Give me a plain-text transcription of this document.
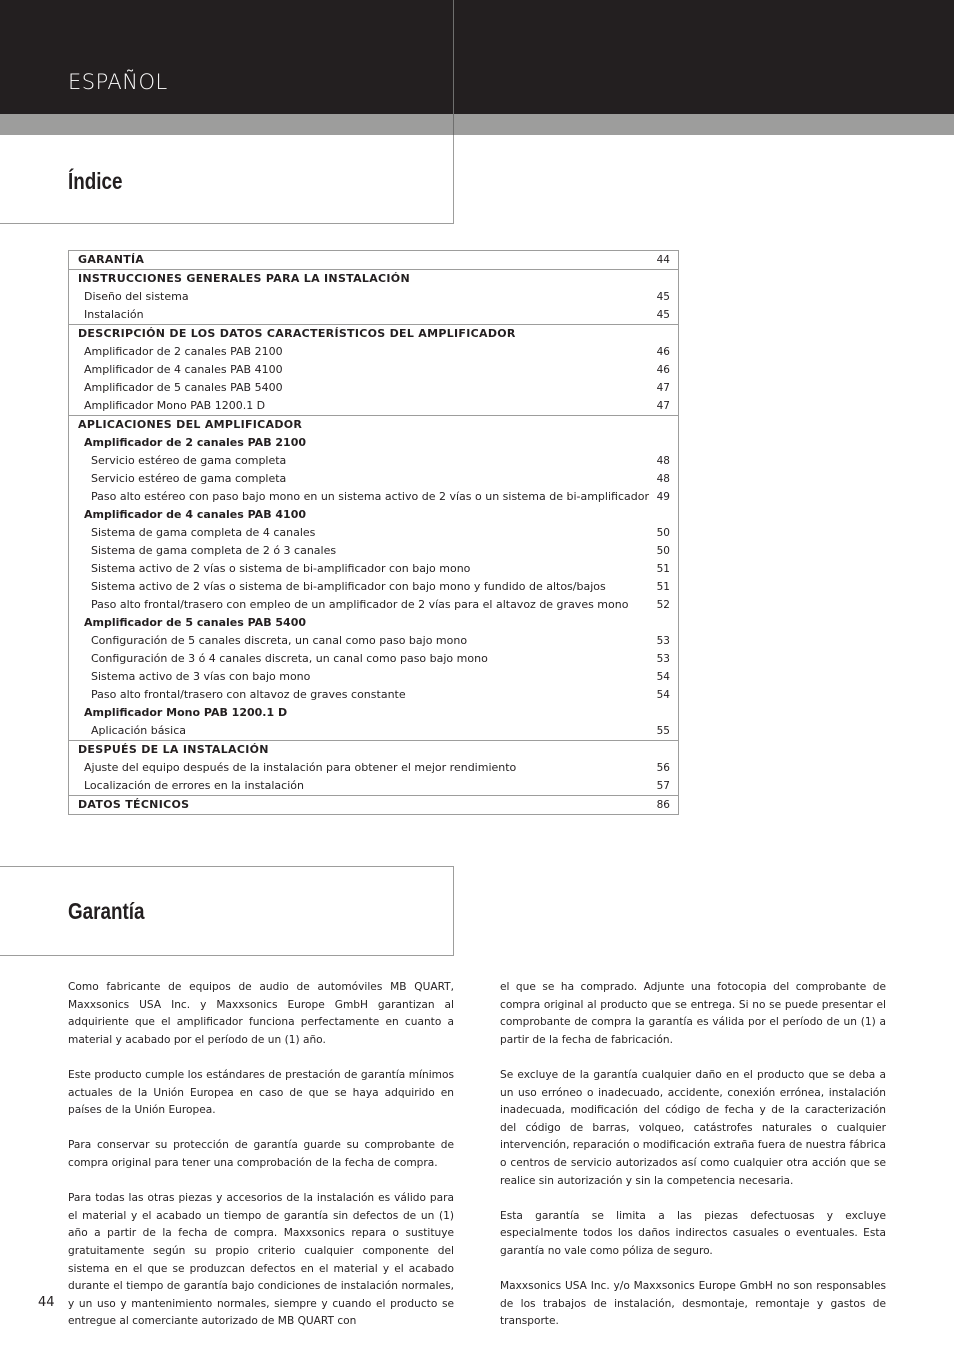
ESPAÑOL
Índice
GARANTÍA	44
INSTRUCCIONES GENERALES PARA LA INSTALACIÓN
Diseño del sistema	45
Instalación	45
DESCRIPCIÓN DE LOS DATOS CARACTERÍSTICOS DEL AMPLIFICADOR
Amplificador de 2 canales PAB 2100	46
Amplificador de 4 canales PAB 4100	46
Amplificador de 5 canales PAB 5400	47
Amplificador Mono PAB 1200.1 D	47
APLICACIONES DEL AMPLIFICADOR
Amplificador de 2 canales PAB 2100
Servicio estéreo de gama completa	48
Servicio estéreo de gama completa	48
Paso alto estéreo con paso bajo mono en un sistema activo de 2 vías o un sistema de bi-amplificador 49
Amplificador de 4 canales PAB 4100
Sistema de gama completa de 4 canales	50
Sistema de gama completa de 2 ó 3 canales	50
Sistema activo de 2 vías o sistema de bi-amplificador con bajo mono	51
Sistema activo de 2 vías o sistema de bi-amplificador con bajo mono y fundido de altos/bajos	51
Paso alto frontal/trasero con empleo de un amplificador de 2 vías para el altavoz de graves mono	52
Amplificador de 5 canales PAB 5400
Configuración de 5 canales discreta, un canal como paso bajo mono	53
Configuración de 3 ó 4 canales discreta, un canal como paso bajo mono	53
Sistema activo de 3 vías con bajo mono	54
Paso alto frontal/trasero con altavoz de graves constante	54
Amplificador Mono PAB 1200.1 D
Aplicación básica	55
DESPUÉS DE LA INSTALACIÓN
Ajuste del equipo después de la instalación para obtener el mejor rendimiento	56
Localización de errores en la instalación	57
DATOS TÉCNICOS	86
Garantía

Como fabricante de equipos de audio de automóviles MB QUART, Maxxsonics USA Inc. y Maxxsonics Europe GmbH garantizan al adquiriente que el amplificador funciona perfectamente en cuanto a material y acabado por el período de un (1) año.

Este producto cumple los estándares de prestación de garantía mínimos actuales de la Unión Europea en caso de que se haya adquirido en países de la Unión Europea.

Para conservar su protección de garantía guarde su comprobante de compra original para tener una comprobación de la fecha de compra.

Para todas las otras piezas y accesorios de la instalación es válido para el material y el acabado un tiempo de garantía sin defectos de un (1) año a partir de la fecha de compra. Maxxsonics repara o sustituye gratuitamente según su propio criterio cualquier componente del sistema en el que se produzcan defectos en el material y el acabado durante el tiempo de garantía bajo condiciones de instalación normales, y un uso y mantenimiento normales, siempre y cuando el producto se entregue al comerciante autorizado de MB QUART con

el que se ha comprado. Adjunte una fotocopia del comprobante de compra original al producto que se entrega. Si no se puede presentar el comprobante de compra la garantía es válida por el período de un (1) a partir de la fecha de fabricación.

Se excluye de la garantía cualquier daño en el producto que se deba a un uso erróneo o inadecuado, accidente, conexión errónea, instalación inadecuada, modificación del código de fecha y de la caracterización del código de barras, volqueo, catástrofes naturales o cualquier intervención, reparación o modificación extraña fuera de nuestra fábrica o centros de servicio autorizados así como cualquier otra acción que se realice sin autorización y sin la competencia necesaria.

Esta garantía se limita a las piezas defectuosas y excluye especialmente todos los daños indirectos casuales o eventuales. Esta garantía no vale como póliza de seguro.

Maxxsonics USA Inc. y/o Maxxsonics Europe GmbH no son responsables de los trabajos de instalación, desmontaje, remontaje y gastos de transporte.

44
